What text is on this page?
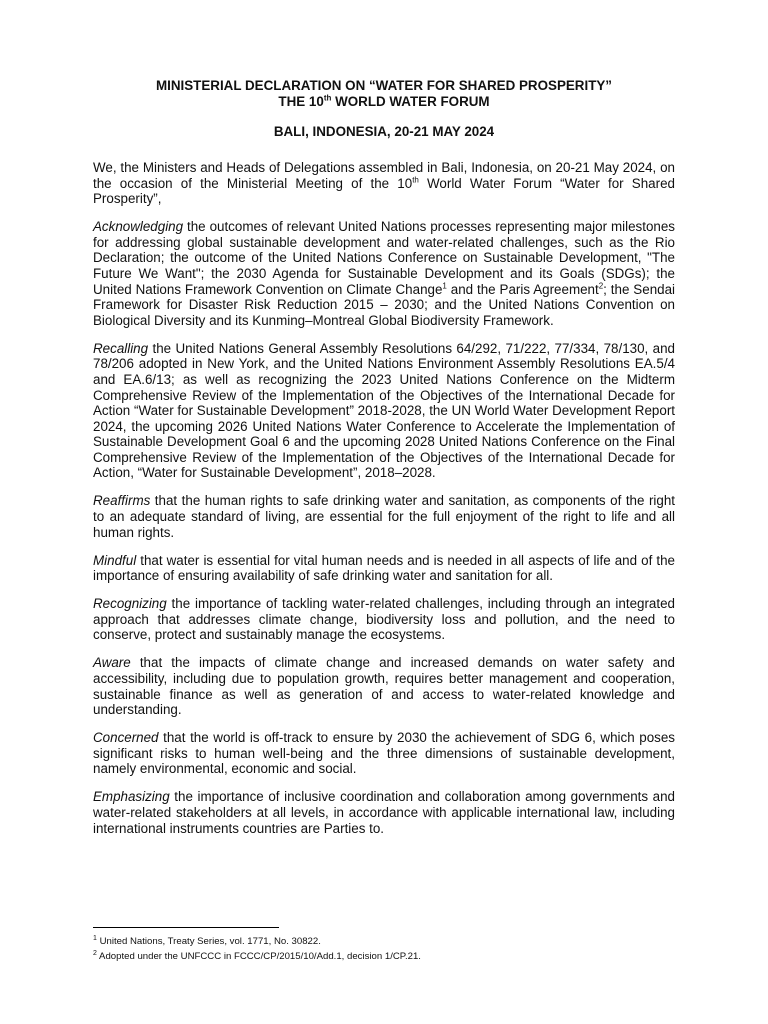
MINISTERIAL DECLARATION ON “WATER FOR SHARED PROSPERITY”
THE 10th WORLD WATER FORUM

BALI, INDONESIA, 20-21 MAY 2024

We, the Ministers and Heads of Delegations assembled in Bali, Indonesia, on 20-21 May 2024, on the occasion of the Ministerial Meeting of the 10th World Water Forum “Water for Shared Prosperity”,

Acknowledging the outcomes of relevant United Nations processes representing major milestones for addressing global sustainable development and water-related challenges, such as the Rio Declaration; the outcome of the United Nations Conference on Sustainable Development, "The Future We Want"; the 2030 Agenda for Sustainable Development and its Goals (SDGs); the United Nations Framework Convention on Climate Change$^1$ and the Paris Agreement$^2$; the Sendai Framework for Disaster Risk Reduction 2015 – 2030; and the United Nations Convention on Biological Diversity and its Kunming–Montreal Global Biodiversity Framework.

Recalling the United Nations General Assembly Resolutions 64/292, 71/222, 77/334, 78/130, and 78/206 adopted in New York, and the United Nations Environment Assembly Resolutions EA.5/4 and EA.6/13; as well as recognizing the 2023 United Nations Conference on the Midterm Comprehensive Review of the Implementation of the Objectives of the International Decade for Action “Water for Sustainable Development” 2018-2028, the UN World Water Development Report 2024, the upcoming 2026 United Nations Water Conference to Accelerate the Implementation of Sustainable Development Goal 6 and the upcoming 2028 United Nations Conference on the Final Comprehensive Review of the Implementation of the Objectives of the International Decade for Action, “Water for Sustainable Development”, 2018–2028.

Reaffirms that the human rights to safe drinking water and sanitation, as components of the right to an adequate standard of living, are essential for the full enjoyment of the right to life and all human rights.

Mindful that water is essential for vital human needs and is needed in all aspects of life and of the importance of ensuring availability of safe drinking water and sanitation for all.

Recognizing the importance of tackling water-related challenges, including through an integrated approach that addresses climate change, biodiversity loss and pollution, and the need to conserve, protect and sustainably manage the ecosystems.

Aware that the impacts of climate change and increased demands on water safety and accessibility, including due to population growth, requires better management and cooperation, sustainable finance as well as generation of and access to water-related knowledge and understanding.

Concerned that the world is off-track to ensure by 2030 the achievement of SDG 6, which poses significant risks to human well-being and the three dimensions of sustainable development, namely environmental, economic and social.

Emphasizing the importance of inclusive coordination and collaboration among governments and water-related stakeholders at all levels, in accordance with applicable international law, including international instruments countries are Parties to.

$^1$ United Nations, Treaty Series, vol. 1771, No. 30822.
$^2$ Adopted under the UNFCCC in FCCC/CP/2015/10/Add.1, decision 1/CP.21.
